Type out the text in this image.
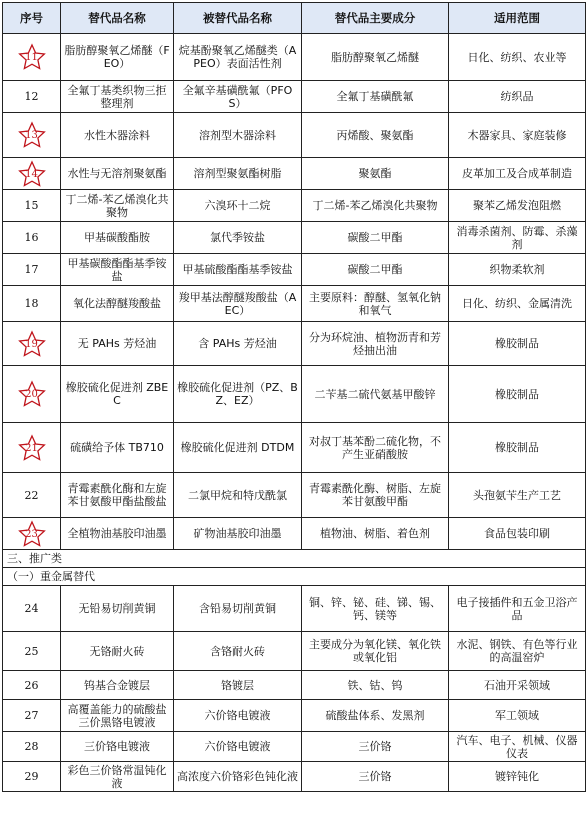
序号	替代品名称	被替代品名称	替代品主要成分	适用范围

11	脂肪醇聚氧乙烯醚（FEO）	烷基酚聚氧乙烯醚类（APEO）表面活性剂	脂肪醇聚氧乙烯醚	日化、纺织、农业等
12	全氟丁基类织物三拒整理剂	全氟辛基磺酰氟（PFOS）	全氟丁基磺酰氟	纺织品

13	水性木器涂料	溶剂型木器涂料	丙烯酸、聚氨酯	木器家具、家庭装修

14	水性与无溶剂聚氨酯	溶剂型聚氨酯树脂	聚氨酯	皮革加工及合成革制造
15	丁二烯-苯乙烯溴化共聚物	六溴环十二烷	丁二烯-苯乙烯溴化共聚物	聚苯乙烯发泡阻燃
16	甲基碳酸酯胺	氯代季铵盐	碳酸二甲酯	消毒杀菌剂、防霉、杀藻剂
17	甲基碳酸酯酯基季铵盐	甲基硫酸酯酯基季铵盐	碳酸二甲酯	织物柔软剂
18	氧化法醇醚羧酸盐	羧甲基法醇醚羧酸盐（AEC）	主要原料：醇醚、氢氧化钠和氧气	日化、纺织、金属清洗

19	无 PAHs 芳烃油	含 PAHs 芳烃油	分为环烷油、植物沥青和芳烃抽出油	橡胶制品

20	橡胶硫化促进剂 ZBEC	橡胶硫化促进剂（PZ、BZ、EZ）	二苄基二硫代氨基甲酸锌	橡胶制品

21	硫磺给予体 TB710	橡胶硫化促进剂 DTDM	对叔丁基苯酚二硫化物，不产生亚硝酸胺	橡胶制品
22	青霉素酰化酶和左旋苯甘氨酸甲酯盐酸盐	二氯甲烷和特戊酰氯	青霉素酰化酶、树脂、左旋苯甘氨酸甲酯	头孢氨苄生产工艺

23	全植物油基胶印油墨	矿物油基胶印油墨	植物油、树脂、着色剂	食品包装印刷
三、推广类				
（一）重金属替代				
24	无铅易切削黄铜	含铅易切削黄铜	铜、锌、铋、硅、锑、锡、钙、镁等	电子接插件和五金卫浴产品
25	无铬耐火砖	含铬耐火砖	主要成分为氧化镁、氧化铁或氧化铝	水泥、钢铁、有色等行业的高温窑炉
26	钨基合金镀层	铬镀层	铁、钴、钨	石油开采领域
27	高覆盖能力的硫酸盐三价黑铬电镀液	六价铬电镀液	硫酸盐体系、发黑剂	军工领域
28	三价铬电镀液	六价铬电镀液	三价铬	汽车、电子、机械、仪器仪表
29	彩色三价铬常温钝化液	高浓度六价铬彩色钝化液	三价铬	镀锌钝化
